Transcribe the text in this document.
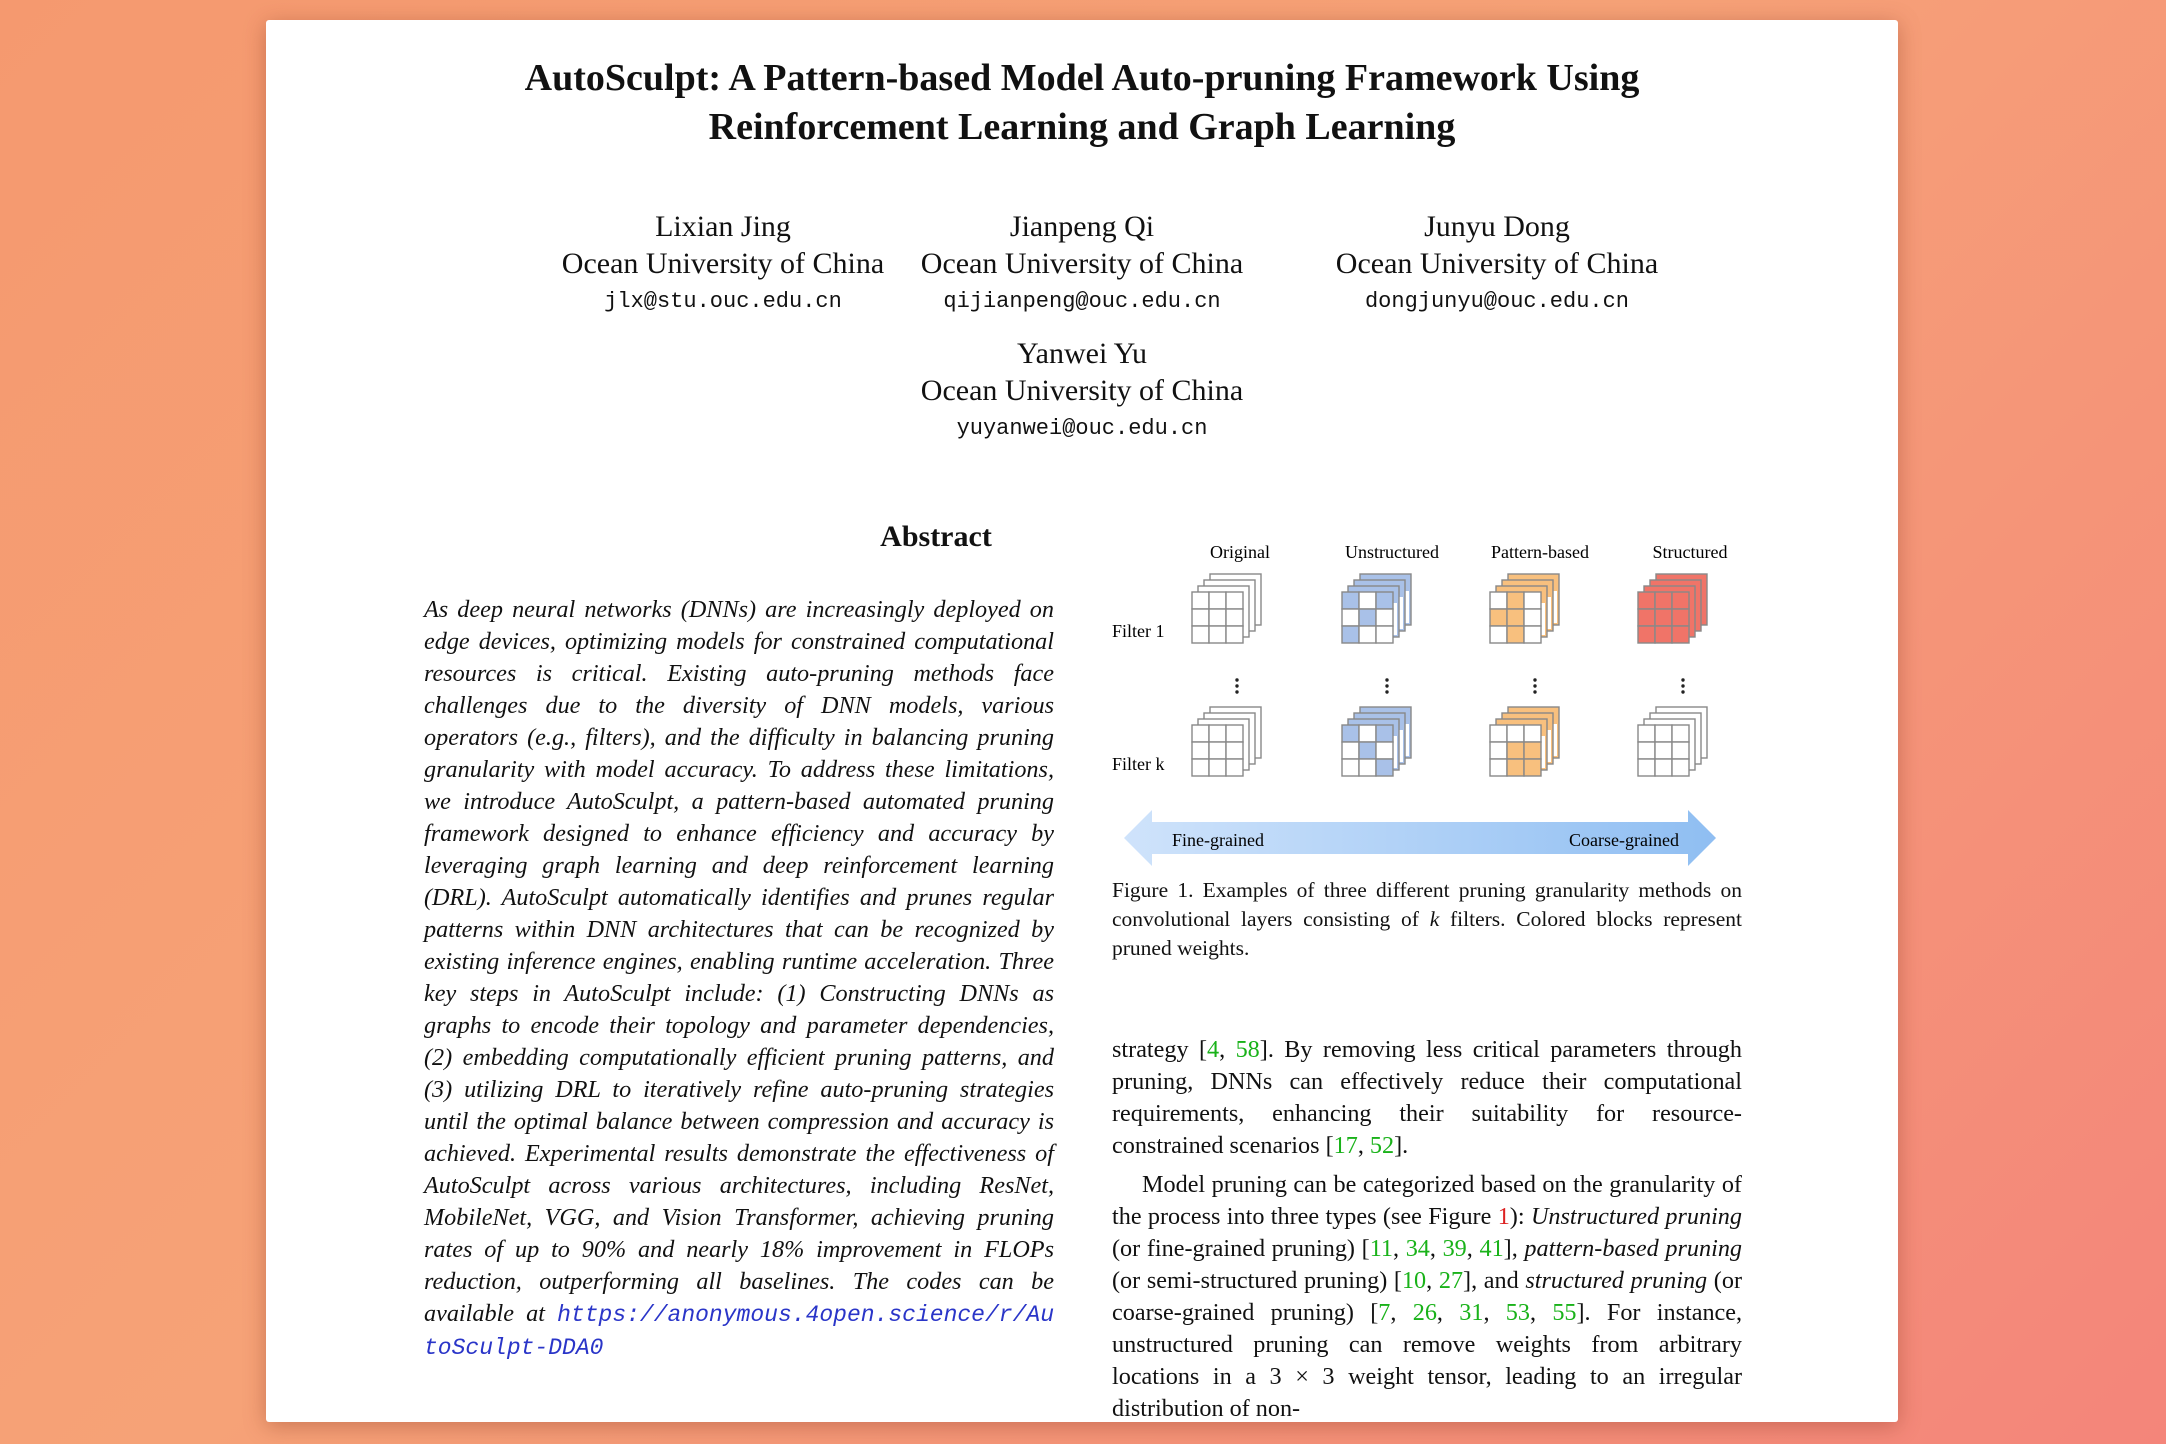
AutoSculpt: A Pattern-based Model Auto-pruning Framework Using
Reinforcement Learning and Graph Learning
Lixian Jing
Ocean University of China
jlx@stu.ouc.edu.cn
Jianpeng Qi
Ocean University of China
qijianpeng@ouc.edu.cn
Junyu Dong
Ocean University of China
dongjunyu@ouc.edu.cn
Yanwei Yu
Ocean University of China
yuyanwei@ouc.edu.cn
Abstract
As deep neural networks (DNNs) are increasingly deployed on edge devices, optimizing models for constrained computational resources is critical. Existing auto-pruning methods face challenges due to the diversity of DNN models, various operators (e.g., filters), and the difficulty in balancing pruning granularity with model accuracy. To address these limitations, we introduce AutoSculpt, a pattern-based automated pruning framework designed to enhance efficiency and accuracy by leveraging graph learning and deep reinforcement learning (DRL). AutoSculpt automatically identifies and prunes regular patterns within DNN architectures that can be recognized by existing inference engines, enabling runtime acceleration. Three key steps in AutoSculpt include: (1) Constructing DNNs as graphs to encode their topology and parameter dependencies, (2) embedding computationally efficient pruning patterns, and (3) utilizing DRL to iteratively refine auto-pruning strategies until the optimal balance between compression and accuracy is achieved. Experimental results demonstrate the effectiveness of AutoSculpt across various architectures, including ResNet, MobileNet, VGG, and Vision Transformer, achieving pruning rates of up to 90% and nearly 18% improvement in FLOPs reduction, outperforming all baselines. The codes can be available at https://anonymous.4open.science/r/AutoSculpt-DDA0
Original	Unstructured	Pattern-based	Structured
Filter 1
Filter k
Fine-grained	Coarse-grained
Figure 1. Examples of three different pruning granularity methods on convolutional layers consisting of k filters. Colored blocks represent pruned weights.

strategy [4, 58]. By removing less critical parameters through pruning, DNNs can effectively reduce their computational requirements, enhancing their suitability for resource-constrained scenarios [17, 52].

Model pruning can be categorized based on the granularity of the process into three types (see Figure 1): Unstructured pruning (or fine-grained pruning) [11, 34, 39, 41], pattern-based pruning (or semi-structured pruning) [10, 27], and structured pruning (or coarse-grained pruning) [7, 26, 31, 53, 55]. For instance, unstructured pruning can remove weights from arbitrary locations in a 3 × 3 weight tensor, leading to an irregular distribution of non-
